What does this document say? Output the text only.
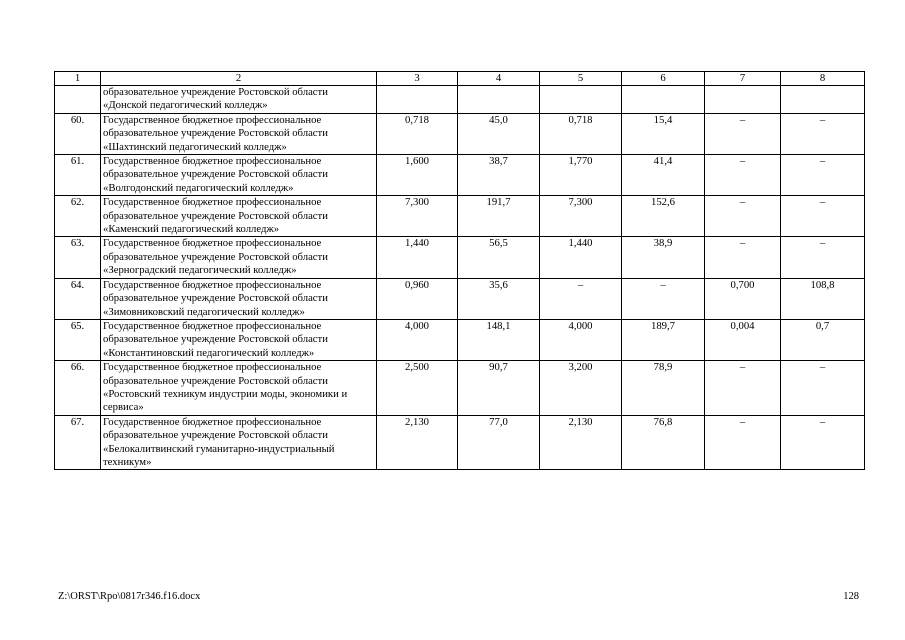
1	2	3	4	5	6	7	8
	образовательное учреждение Ростовской области «Донской педагогический колледж»						
60.	Государственное бюджетное профессиональное образовательное учреждение Ростовской области «Шахтинский педагогический колледж»	0,718	45,0	0,718	15,4	–	–
61.	Государственное бюджетное профессиональное образовательное учреждение Ростовской области «Волгодонский педагогический колледж»	1,600	38,7	1,770	41,4	–	–
62.	Государственное бюджетное профессиональное образовательное учреждение Ростовской области «Каменский педагогический колледж»	7,300	191,7	7,300	152,6	–	–
63.	Государственное бюджетное профессиональное образовательное учреждение Ростовской области «Зерноградский педагогический колледж»	1,440	56,5	1,440	38,9	–	–
64.	Государственное бюджетное профессиональное образовательное учреждение Ростовской области «Зимовниковский педагогический колледж»	0,960	35,6	–	–	0,700	108,8
65.	Государственное бюджетное профессиональное образовательное учреждение Ростовской области «Константиновский педагогический колледж»	4,000	148,1	4,000	189,7	0,004	0,7
66.	Государственное бюджетное профессиональное образовательное учреждение Ростовской области «Ростовский техникум индустрии моды, экономики и сервиса»	2,500	90,7	3,200	78,9	–	–
67.	Государственное бюджетное профессиональное образовательное учреждение Ростовской области «Белокалитвинский гуманитарно-индустриальный техникум»	2,130	77,0	2,130	76,8	–	–
Z:\ORST\Rpo\0817r346.f16.docx	128
